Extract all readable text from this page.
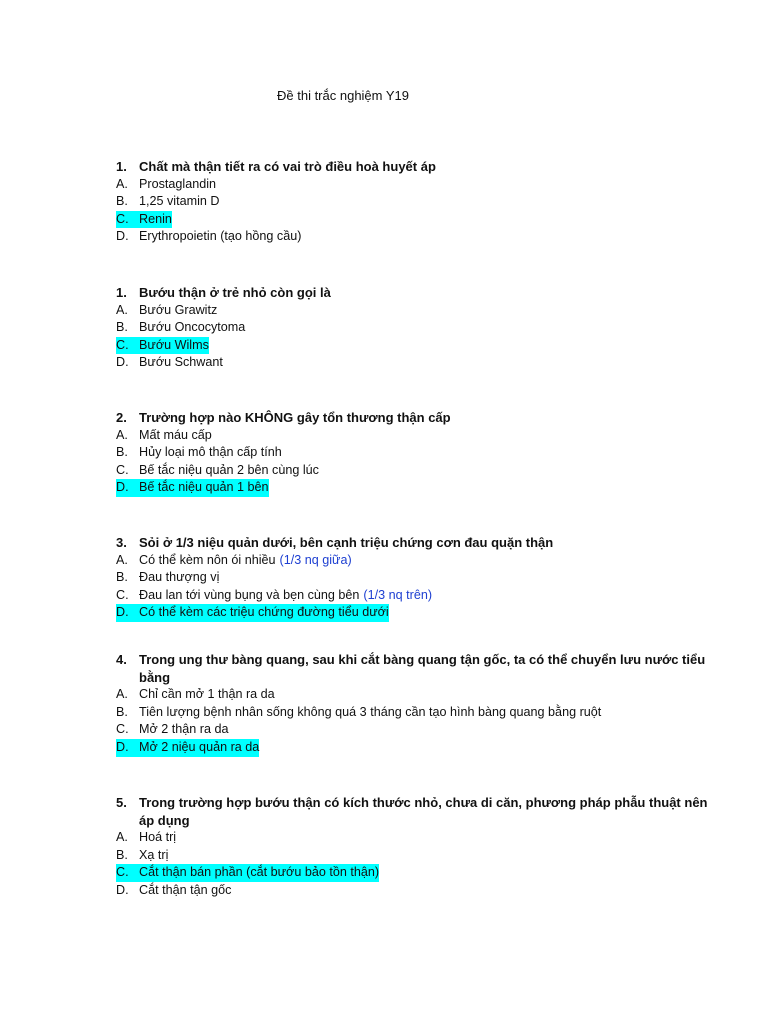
Đề thi trắc nghiệm Y19
1. Chất mà thận tiết ra có vai trò điều hoà huyết áp
A. Prostaglandin
B. 1,25 vitamin D
C. Renin
D. Erythropoietin (tạo hồng cầu)
1. Bướu thận ở trẻ nhỏ còn gọi là
A. Bướu Grawitz
B. Bướu Oncocytoma
C. Bướu Wilms
D. Bướu Schwant
2. Trường hợp nào KHÔNG gây tổn thương thận cấp
A. Mất máu cấp
B. Hủy loại mô thận cấp tính
C. Bế tắc niệu quản 2 bên cùng lúc
D. Bế tắc niệu quản 1 bên
3. Sỏi ở 1/3 niệu quản dưới, bên cạnh triệu chứng cơn đau quặn thận
A. Có thể kèm nôn ói nhiều (1/3 nq giữa)
B. Đau thượng vị
C. Đau lan tới vùng bụng và bẹn cùng bên (1/3 nq trên)
D. Có thể kèm các triệu chứng đường tiểu dưới
4. Trong ung thư bàng quang, sau khi cắt bàng quang tận gốc, ta có thể chuyển lưu nước tiểu bằng
A. Chỉ cần mở 1 thận ra da
B. Tiên lượng bệnh nhân sống không quá 3 tháng cần tạo hình bàng quang bằng ruột
C. Mở 2 thận ra da
D. Mở 2 niệu quản ra da
5. Trong trường hợp bướu thận có kích thước nhỏ, chưa di căn, phương pháp phẫu thuật nên áp dụng
A. Hoá trị
B. Xạ trị
C. Cắt thận bán phần (cắt bướu bảo tồn thận)
D. Cắt thận tận gốc
